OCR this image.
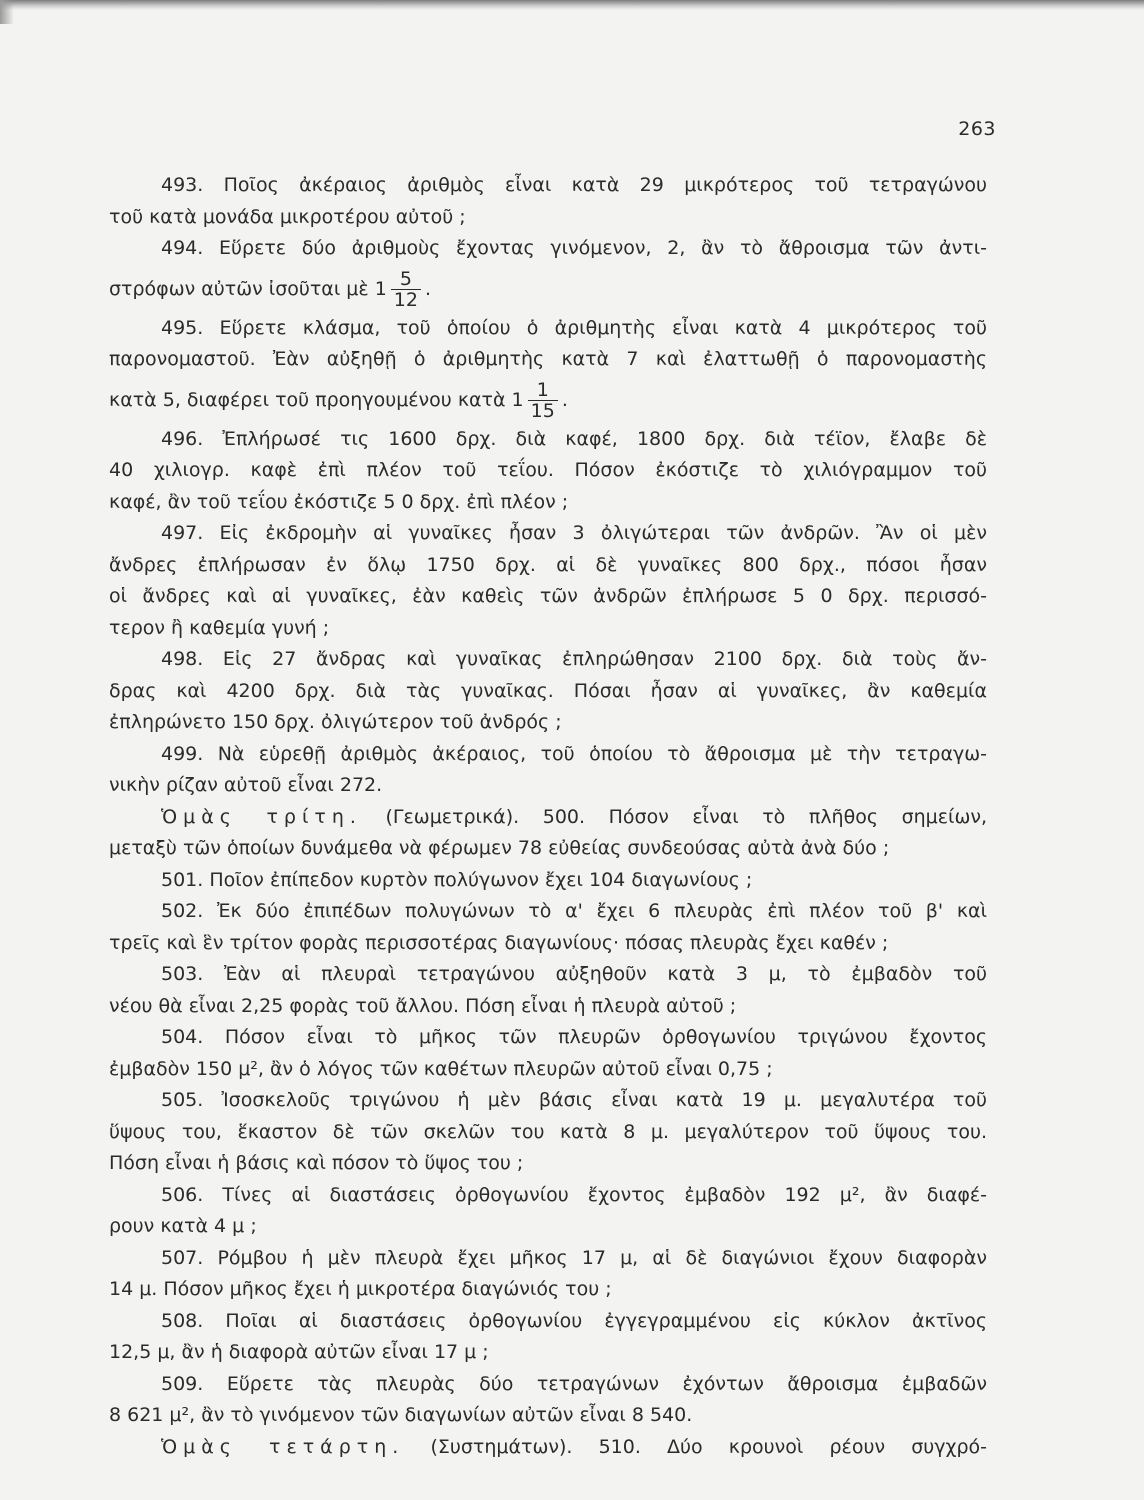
263
493. Ποῖος ἀκέραιος ἀριθμὸς εἶναι κατὰ 29 μικρότερος τοῦ τετραγώνου
τοῦ κατὰ μονάδα μικροτέρου αὐτοῦ ;
494. Εὕρετε δύο ἀριθμοὺς ἔχοντας γινόμενον, 2, ἂν τὸ ἄθροισμα τῶν ἀντι-
στρόφων αὐτῶν ἰσοῦται μὲ $1 \frac{5}{12}$ .
495. Εὕρετε κλάσμα, τοῦ ὁποίου ὁ ἀριθμητὴς εἶναι κατὰ 4 μικρότερος τοῦ
παρονομαστοῦ. Ἐὰν αὐξηθῇ ὁ ἀριθμητὴς κατὰ 7 καὶ ἐλαττωθῇ ὁ παρονομαστὴς
κατὰ 5, διαφέρει τοῦ προηγουμένου κατὰ $1 \frac{1}{15}$ .
496. Ἐπλήρωσέ τις 1600 δρχ. διὰ καφέ, 1800 δρχ. διὰ τέϊον, ἔλαβε δὲ
40 χιλιογρ. καφὲ ἐπὶ πλέον τοῦ τεΐου. Πόσον ἐκόστιζε τὸ χιλιόγραμμον τοῦ
καφέ, ἂν τοῦ τεΐου ἐκόστιζε 5 0 δρχ. ἐπὶ πλέον ;
497. Εἰς ἐκδρομὴν αἱ γυναῖκες ἦσαν 3 ὀλιγώτεραι τῶν ἀνδρῶν. Ἂν οἱ μὲν
ἄνδρες ἐπλήρωσαν ἐν ὅλῳ 1750 δρχ. αἱ δὲ γυναῖκες 800 δρχ., πόσοι ἦσαν
οἱ ἄνδρες καὶ αἱ γυναῖκες, ἐὰν καθεὶς τῶν ἀνδρῶν ἐπλήρωσε 5 0 δρχ. περισσό-
τερον ἢ καθεμία γυνή ;
498. Εἰς 27 ἄνδρας καὶ γυναῖκας ἐπληρώθησαν 2100 δρχ. διὰ τοὺς ἄν-
δρας καὶ 4200 δρχ. διὰ τὰς γυναῖκας. Πόσαι ἦσαν αἱ γυναῖκες, ἂν καθεμία
ἐπληρώνετο 150 δρχ. ὀλιγώτερον τοῦ ἀνδρός ;
499. Νὰ εὑρεθῇ ἀριθμὸς ἀκέραιος, τοῦ ὁποίου τὸ ἄθροισμα μὲ τὴν τετραγω-
νικὴν ρίζαν αὐτοῦ εἶναι 272.
Ὁμὰς τρίτη. (Γεωμετρικά). 500. Πόσον εἶναι τὸ πλῆθος σημείων,
μεταξὺ τῶν ὁποίων δυνάμεθα νὰ φέρωμεν 78 εὐθείας συνδεούσας αὐτὰ ἀνὰ δύο ;
501. Ποῖον ἐπίπεδον κυρτὸν πολύγωνον ἔχει 104 διαγωνίους ;
502. Ἐκ δύο ἐπιπέδων πολυγώνων τὸ α' ἔχει 6 πλευρὰς ἐπὶ πλέον τοῦ β' καὶ
τρεῖς καὶ ἓν τρίτον φορὰς περισσοτέρας διαγωνίους· πόσας πλευρὰς ἔχει καθέν ;
503. Ἐὰν αἱ πλευραὶ τετραγώνου αὐξηθοῦν κατὰ 3 μ, τὸ ἐμβαδὸν τοῦ
νέου θὰ εἶναι 2,25 φορὰς τοῦ ἄλλου. Πόση εἶναι ἡ πλευρὰ αὐτοῦ ;
504. Πόσον εἶναι τὸ μῆκος τῶν πλευρῶν ὀρθογωνίου τριγώνου ἔχοντος
ἐμβαδὸν 150 μ², ἂν ὁ λόγος τῶν καθέτων πλευρῶν αὐτοῦ εἶναι 0,75 ;
505. Ἰσοσκελοῦς τριγώνου ἡ μὲν βάσις εἶναι κατὰ 19 μ. μεγαλυτέρα τοῦ
ὕψους του, ἕκαστον δὲ τῶν σκελῶν του κατὰ 8 μ. μεγαλύτερον τοῦ ὕψους του.
Πόση εἶναι ἡ βάσις καὶ πόσον τὸ ὕψος του ;
506. Τίνες αἱ διαστάσεις ὀρθογωνίου ἔχοντος ἐμβαδὸν 192 μ², ἂν διαφέ-
ρουν κατὰ 4 μ ;
507. Ρόμβου ἡ μὲν πλευρὰ ἔχει μῆκος 17 μ, αἱ δὲ διαγώνιοι ἔχουν διαφορὰν
14 μ. Πόσον μῆκος ἔχει ἡ μικροτέρα διαγώνιός του ;
508. Ποῖαι αἱ διαστάσεις ὀρθογωνίου ἐγγεγραμμένου εἰς κύκλον ἀκτῖνος
12,5 μ, ἂν ἡ διαφορὰ αὐτῶν εἶναι 17 μ ;
509. Εὕρετε τὰς πλευρὰς δύο τετραγώνων ἐχόντων ἄθροισμα ἐμβαδῶν
8 621 μ², ἂν τὸ γινόμενον τῶν διαγωνίων αὐτῶν εἶναι 8 540.
Ὁμὰς τετάρτη. (Συστημάτων). 510. Δύο κρουνοὶ ρέουν συγχρό-
